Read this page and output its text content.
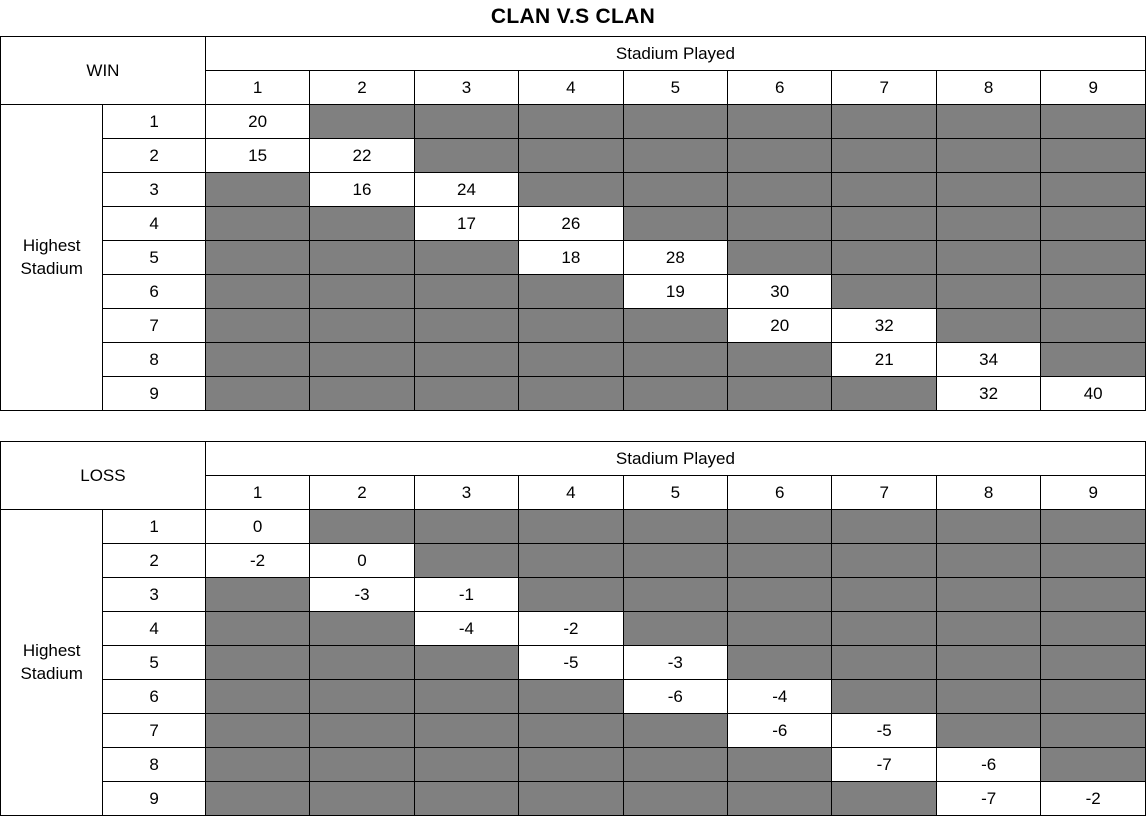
CLAN V.S CLAN
WIN		Stadium Played								
		1	2	3	4	5	6	7	8	9
Highest
Stadium	1	20								
	2	15	22							
	3		16	24						
	4			17	26					
	5				18	28				
	6					19	30			
	7						20	32		
	8							21	34	
	9								32	40
LOSS		Stadium Played								
		1	2	3	4	5	6	7	8	9
Highest
Stadium	1	0								
	2	-2	0							
	3		-3	-1						
	4			-4	-2					
	5				-5	-3				
	6					-6	-4			
	7						-6	-5		
	8							-7	-6	
	9								-7	-2
